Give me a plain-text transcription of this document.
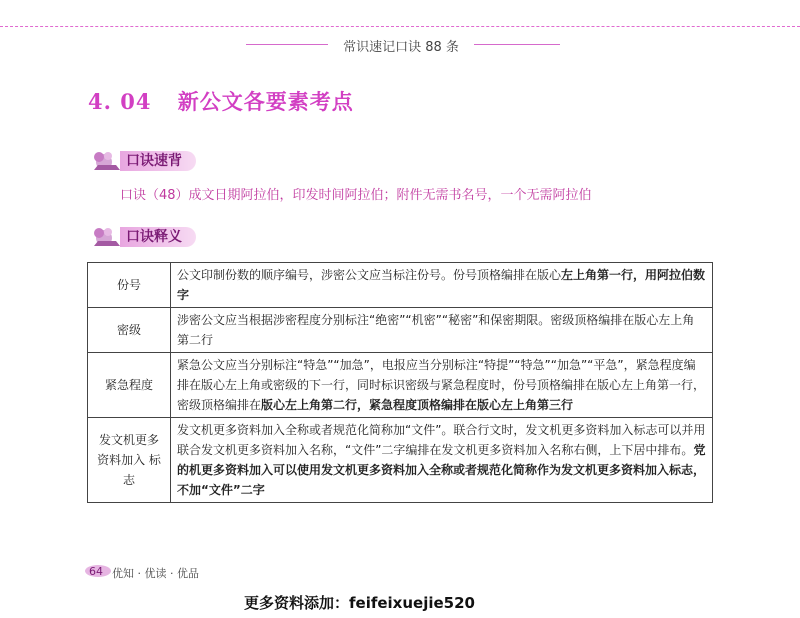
常识速记口诀 88 条
4. 04 新公文各要素考点
口诀速背
口诀（48）成文日期阿拉伯，印发时间阿拉伯；附件无需书名号，一个无需阿拉伯
口诀释义
份号	公文印制份数的顺序编号，涉密公文应当标注份号。份号顶格编排在版心左上角第一行，用阿拉伯数字
密级	涉密公文应当根据涉密程度分别标注“绝密”“机密”“秘密”和保密期限。密级顶格编排在版心左上角第二行
紧急程度	紧急公文应当分别标注“特急”“加急”，电报应当分别标注“特提”“特急”“加急”“平急”，紧急程度编排在版心左上角或密级的下一行，同时标识密级与紧急程度时，份号顶格编排在版心左上角第一行，密级顶格编排在版心左上角第二行，紧急程度顶格编排在版心左上角第三行
发文机更多资料加入 标志	发文机更多资料加入全称或者规范化简称加“文件”。联合行文时，发文机更多资料加入标志可以并用联合发文机更多资料加入名称，“文件”二字编排在发文机更多资料加入名称右侧，上下居中排布。党的机更多资料加入可以使用发文机更多资料加入全称或者规范化简称作为发文机更多资料加入标志，不加“文件”二字
64 优知 · 优读 · 优品
更多资料添加：feifeixuejie520
